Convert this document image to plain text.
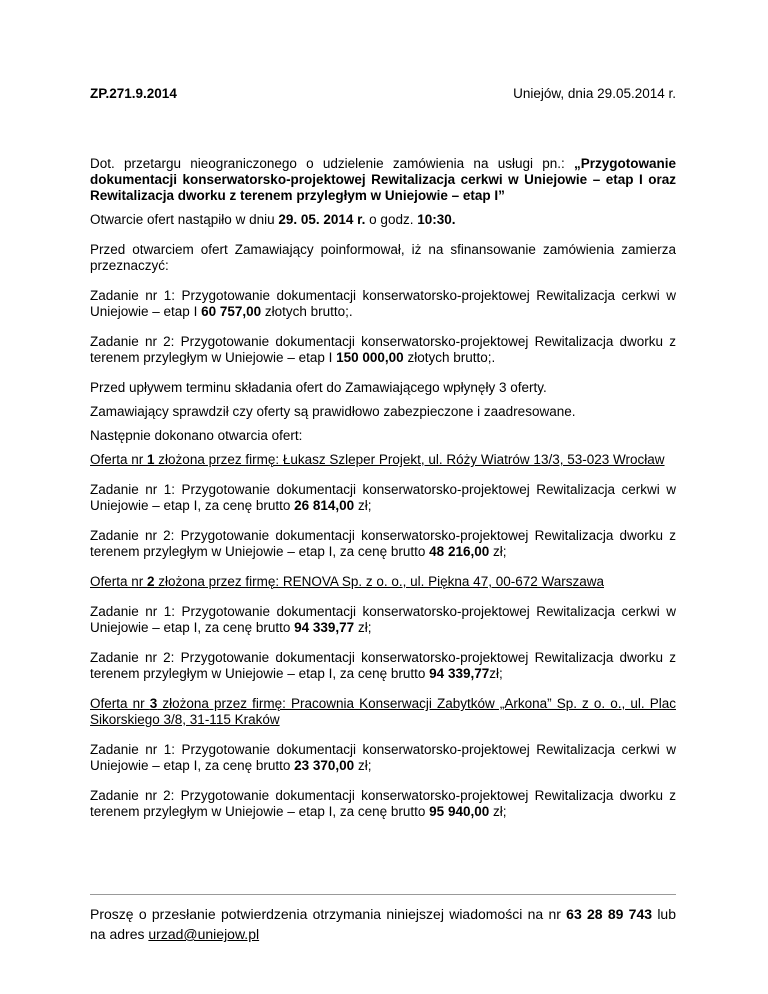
ZP.271.9.2014	Uniejów, dnia 29.05.2014 r.

Dot. przetargu nieograniczonego o udzielenie zamówienia na usługi pn.: „Przygotowanie dokumentacji konserwatorsko-projektowej Rewitalizacja cerkwi w Uniejowie – etap I oraz Rewitalizacja dworku z terenem przyległym w Uniejowie – etap I”

Otwarcie ofert nastąpiło w dniu 29. 05. 2014 r. o godz. 10:30.

Przed otwarciem ofert Zamawiający poinformował, iż na sfinansowanie zamówienia zamierza przeznaczyć:

Zadanie nr 1: Przygotowanie dokumentacji konserwatorsko-projektowej Rewitalizacja cerkwi w Uniejowie – etap I 60 757,00 złotych brutto;.

Zadanie nr 2: Przygotowanie dokumentacji konserwatorsko-projektowej Rewitalizacja dworku z terenem przyległym w Uniejowie – etap I 150 000,00 złotych brutto;.

Przed upływem terminu składania ofert do Zamawiającego wpłynęły 3 oferty.

Zamawiający sprawdził czy oferty są prawidłowo zabezpieczone i zaadresowane.

Następnie dokonano otwarcia ofert:

Oferta nr 1 złożona przez firmę: Łukasz Szleper Projekt, ul. Róży Wiatrów 13/3, 53-023 Wrocław

Zadanie nr 1: Przygotowanie dokumentacji konserwatorsko-projektowej Rewitalizacja cerkwi w Uniejowie – etap I, za cenę brutto 26 814,00 zł;

Zadanie nr 2: Przygotowanie dokumentacji konserwatorsko-projektowej Rewitalizacja dworku z terenem przyległym w Uniejowie – etap I, za cenę brutto 48 216,00 zł;

Oferta nr 2 złożona przez firmę: RENOVA Sp. z o. o., ul. Piękna 47, 00-672 Warszawa

Zadanie nr 1: Przygotowanie dokumentacji konserwatorsko-projektowej Rewitalizacja cerkwi w Uniejowie – etap I, za cenę brutto 94 339,77 zł;

Zadanie nr 2: Przygotowanie dokumentacji konserwatorsko-projektowej Rewitalizacja dworku z terenem przyległym w Uniejowie – etap I, za cenę brutto 94 339,77zł;

Oferta nr 3 złożona przez firmę: Pracownia Konserwacji Zabytków „Arkona” Sp. z o. o., ul. Plac Sikorskiego 3/8, 31-115 Kraków

Zadanie nr 1: Przygotowanie dokumentacji konserwatorsko-projektowej Rewitalizacja cerkwi w Uniejowie – etap I, za cenę brutto 23 370,00 zł;

Zadanie nr 2: Przygotowanie dokumentacji konserwatorsko-projektowej Rewitalizacja dworku z terenem przyległym w Uniejowie – etap I, za cenę brutto 95 940,00 zł;

Proszę o przesłanie potwierdzenia otrzymania niniejszej wiadomości na nr 63 28 89 743 lub na adres urzad@uniejow.pl
